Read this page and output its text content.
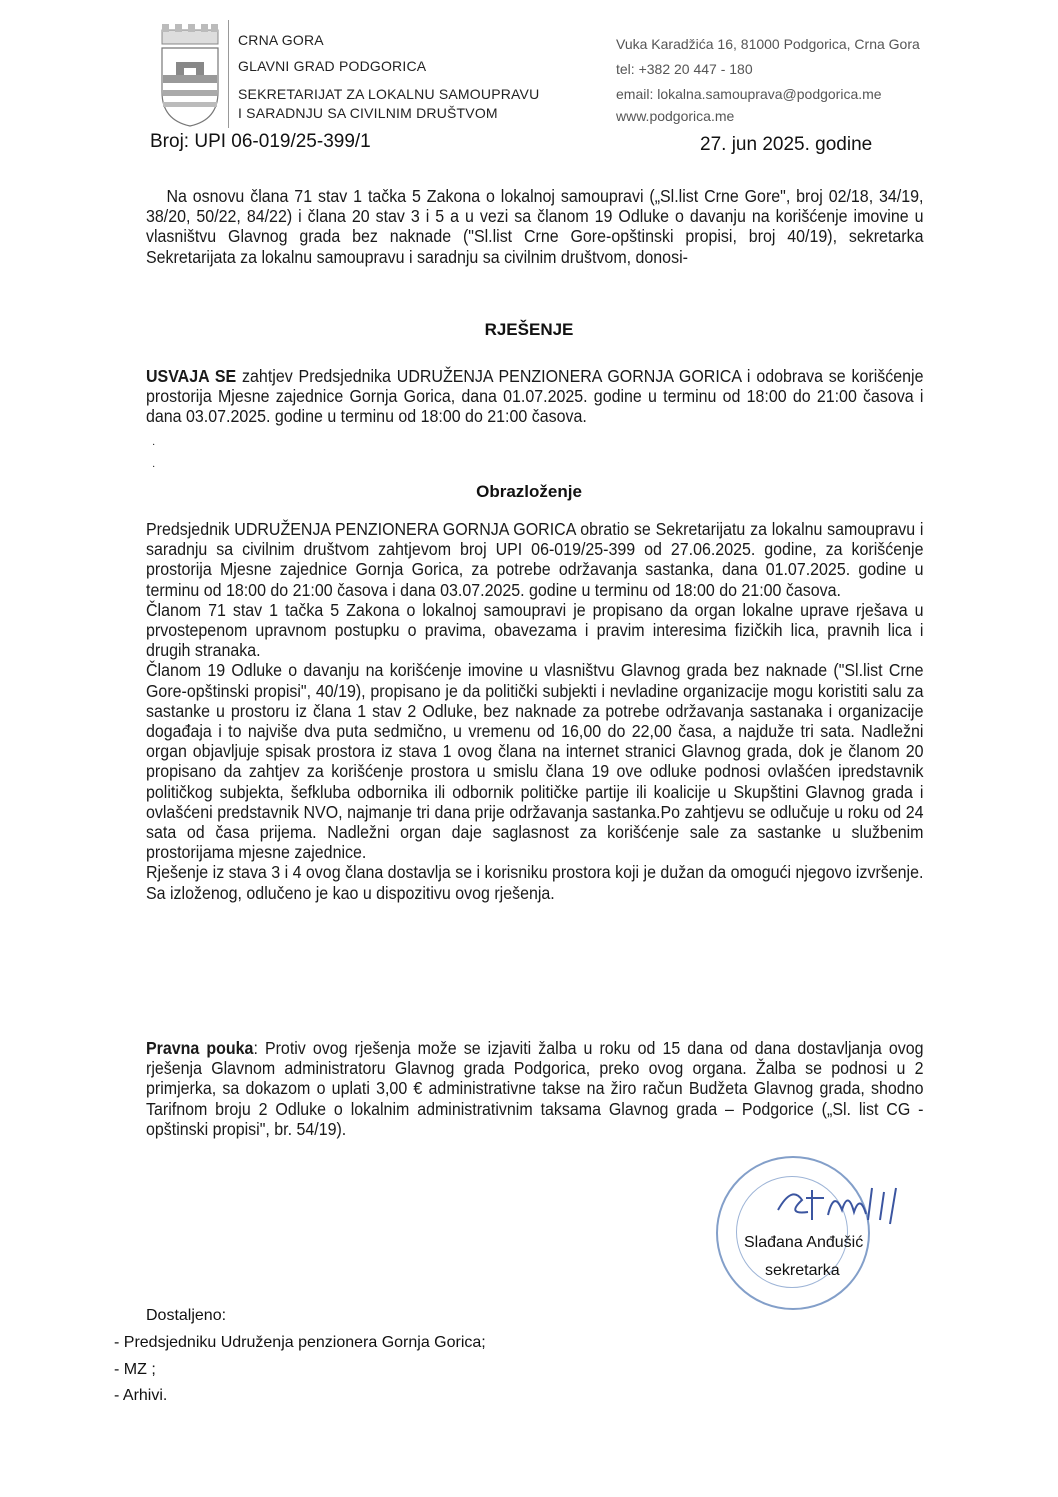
CRNA GORA
GLAVNI GRAD PODGORICA
SEKRETARIJAT ZA LOKALNU SAMOUPRAVU
I SARADNJU SA CIVILNIM DRUŠTVOM
Broj: UPI 06-019/25-399/1
Vuka Karadžića 16, 81000 Podgorica, Crna Gora
tel: +382 20 447 - 180
email: lokalna.samouprava@podgorica.me
www.podgorica.me
27. jun 2025. godine

Na osnovu člana 71 stav 1 tačka 5 Zakona o lokalnoj samoupravi („Sl.list Crne Gore", broj 02/18, 34/19, 38/20, 50/22, 84/22) i člana 20 stav 3 i 5 a u vezi sa članom 19 Odluke o davanju na korišćenje imovine u vlasništvu Glavnog grada bez naknade ("Sl.list Crne Gore-opštinski propisi, broj 40/19), sekretarka Sekretarijata za lokalnu samoupravu i saradnju sa civilnim društvom, donosi-

RJEŠENJE

USVAJA SE zahtjev Predsjednika UDRUŽENJA PENZIONERA GORNJA GORICA i odobrava se korišćenje prostorija Mjesne zajednice Gornja Gorica, dana 01.07.2025. godine u terminu od 18:00 do 21:00 časova i dana 03.07.2025. godine u terminu od 18:00 do 21:00 časova.

·
·
Obrazloženje

Predsjednik UDRUŽENJA PENZIONERA GORNJA GORICA obratio se Sekretarijatu za lokalnu samoupravu i saradnju sa civilnim društvom zahtjevom broj UPI 06-019/25-399 od 27.06.2025. godine, za korišćenje prostorija Mjesne zajednice Gornja Gorica, za potrebe održavanja sastanka, dana 01.07.2025. godine u terminu od 18:00 do 21:00 časova i dana 03.07.2025. godine u terminu od 18:00 do 21:00 časova.

Članom 71 stav 1 tačka 5 Zakona o lokalnoj samoupravi je propisano da organ lokalne uprave rješava u prvostepenom upravnom postupku o pravima, obavezama i pravim interesima fizičkih lica, pravnih lica i drugih stranaka.

Članom 19 Odluke o davanju na korišćenje imovine u vlasništvu Glavnog grada bez naknade ("Sl.list Crne Gore-opštinski propisi", 40/19), propisano je da politički subjekti i nevladine organizacije mogu koristiti salu za sastanke u prostoru iz člana 1 stav 2 Odluke, bez naknade za potrebe održavanja sastanaka i organizacije događaja i to najviše dva puta sedmično, u vremenu od 16,00 do 22,00 časa, a najduže tri sata. Nadležni organ objavljuje spisak prostora iz stava 1 ovog člana na internet stranici Glavnog grada, dok je članom 20 propisano da zahtjev za korišćenje prostora u smislu člana 19 ove odluke podnosi ovlašćen ipredstavnik političkog subjekta, šefkluba odbornika ili odbornik političke partije ili koalicije u Skupštini Glavnog grada i ovlašćeni predstavnik NVO, najmanje tri dana prije održavanja sastanka.Po zahtjevu se odlučuje u roku od 24 sata od časa prijema. Nadležni organ daje saglasnost za korišćenje sale za sastanke u službenim prostorijama mjesne zajednice.

Rješenje iz stava 3 i 4 ovog člana dostavlja se i korisniku prostora koji je dužan da omogući njegovo izvršenje.

Sa izloženog, odlučeno je kao u dispozitivu ovog rješenja.

Pravna pouka: Protiv ovog rješenja može se izjaviti žalba u roku od 15 dana od dana dostavljanja ovog rješenja Glavnom administratoru Glavnog grada Podgorica, preko ovog organa. Žalba se podnosi u 2 primjerka, sa dokazom o uplati 3,00 € administrativne takse na žiro račun Budžeta Glavnog grada, shodno Tarifnom broju 2 Odluke o lokalnim administrativnim taksama Glavnog grada – Podgorice („Sl. list CG - opštinski propisi", br. 54/19).

Slađana Anđušić
sekretarka
Dostaljeno:
- Predsjedniku Udruženja penzionera Gornja Gorica;
- MZ ;
- Arhivi.
